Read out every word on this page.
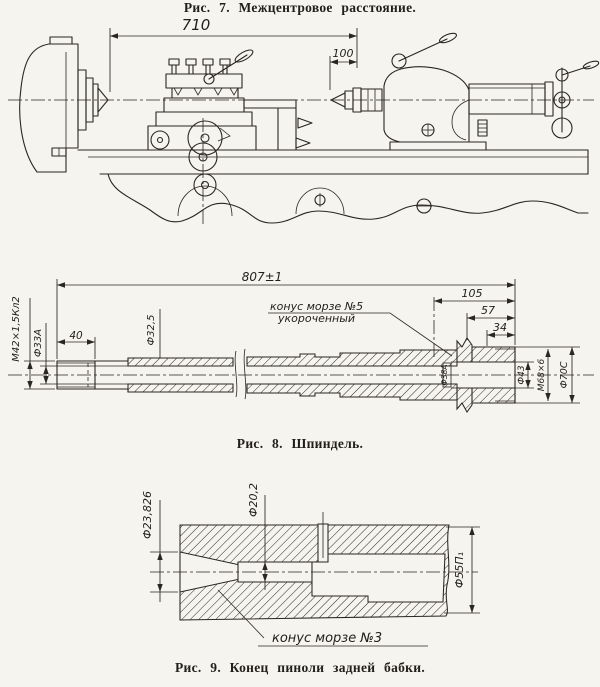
710
100
Рис. 7. Межцентровое расстояние.
807±1
105
57
34
40
М42×1,5Кл2 Ф33А	Ф32,5
конус морзе №5
укороченный
Ф38А	Ф43 М68×6 Ф70С
Рис. 8. Шпиндель.
Ф23,826	Ф20,2
Ф55П₁
конус морзе №3
Рис. 9. Конец пиноли задней бабки.
